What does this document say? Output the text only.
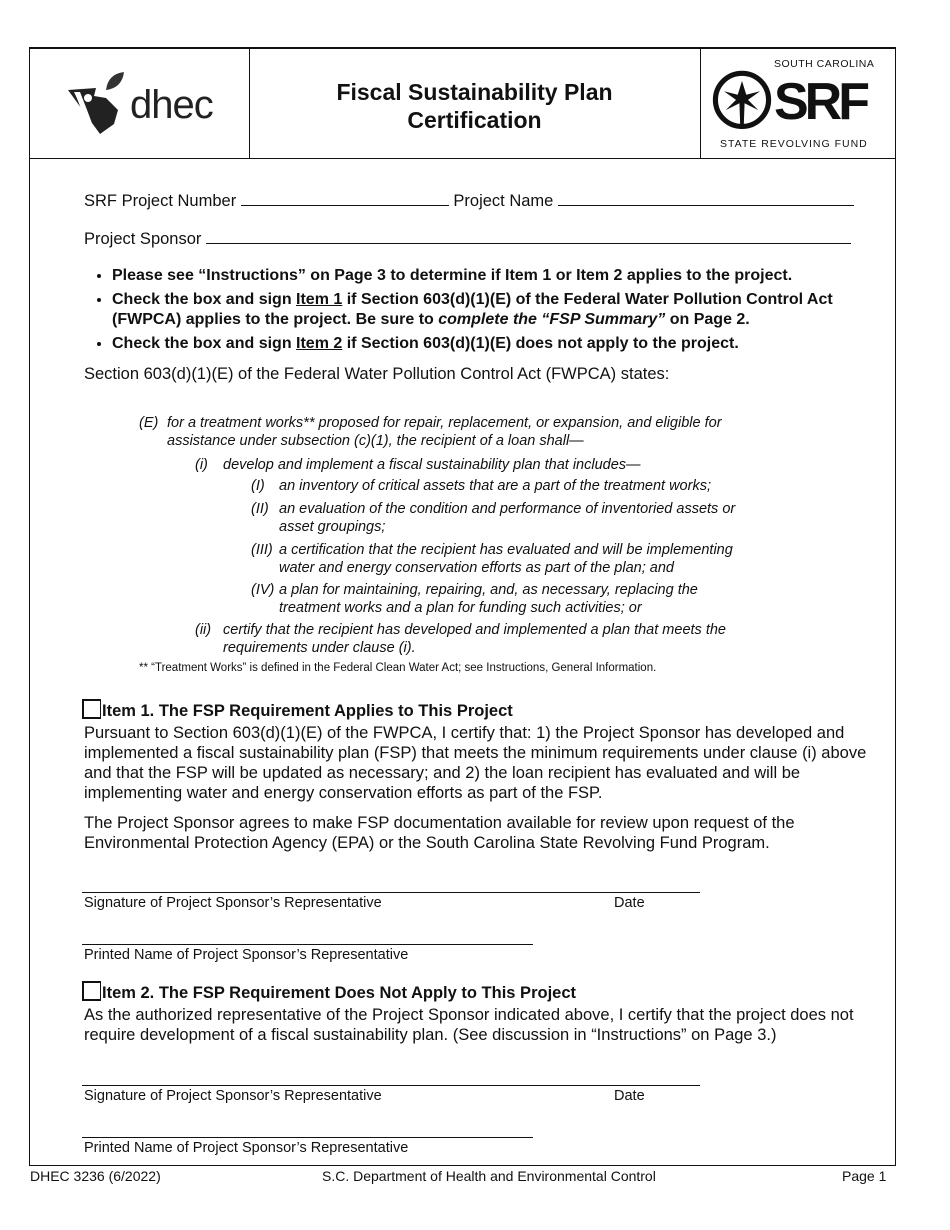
dhec	Fiscal Sustainability Plan
Certification
SOUTH CAROLINA
SRF
STATE REVOLVING FUND
SRF Project Number	Project Name
Project Sponsor
• Please see “Instructions” on Page 3 to determine if Item 1 or Item 2 applies to the project.
• Check the box and sign Item 1 if Section 603(d)(1)(E) of the Federal Water Pollution Control Act (FWPCA) applies to the project. Be sure to complete the “FSP Summary” on Page 2.
• Check the box and sign Item 2 if Section 603(d)(1)(E) does not apply to the project.
Section 603(d)(1)(E) of the Federal Water Pollution Control Act (FWPCA) states:
(E) for a treatment works** proposed for repair, replacement, or expansion, and eligible for
assistance under subsection (c)(1), the recipient of a loan shall—
(i) develop and implement a fiscal sustainability plan that includes—
(I) an inventory of critical assets that are a part of the treatment works;
(II) an evaluation of the condition and performance of inventoried assets or
asset groupings;
(III) a certification that the recipient has evaluated and will be implementing
water and energy conservation efforts as part of the plan; and
(IV) a plan for maintaining, repairing, and, as necessary, replacing the
treatment works and a plan for funding such activities; or
(ii) certify that the recipient has developed and implemented a plan that meets the
requirements under clause (i).
** “Treatment Works” is defined in the Federal Clean Water Act; see Instructions, General Information.
Item 1. The FSP Requirement Applies to This Project
Pursuant to Section 603(d)(1)(E) of the FWPCA, I certify that: 1) the Project Sponsor has developed and implemented a fiscal sustainability plan (FSP) that meets the minimum requirements under clause (i) above and that the FSP will be updated as necessary; and 2) the loan recipient has evaluated and will be implementing water and energy conservation efforts as part of the FSP.
The Project Sponsor agrees to make FSP documentation available for review upon request of the Environmental Protection Agency (EPA) or the South Carolina State Revolving Fund Program.
Signature of Project Sponsor’s Representative	Date
Printed Name of Project Sponsor’s Representative
Item 2. The FSP Requirement Does Not Apply to This Project
As the authorized representative of the Project Sponsor indicated above, I certify that the project does not require development of a fiscal sustainability plan. (See discussion in “Instructions” on Page 3.)
Signature of Project Sponsor’s Representative	Date
Printed Name of Project Sponsor’s Representative
DHEC 3236 (6/2022)	S.C. Department of Health and Environmental Control	Page 1
